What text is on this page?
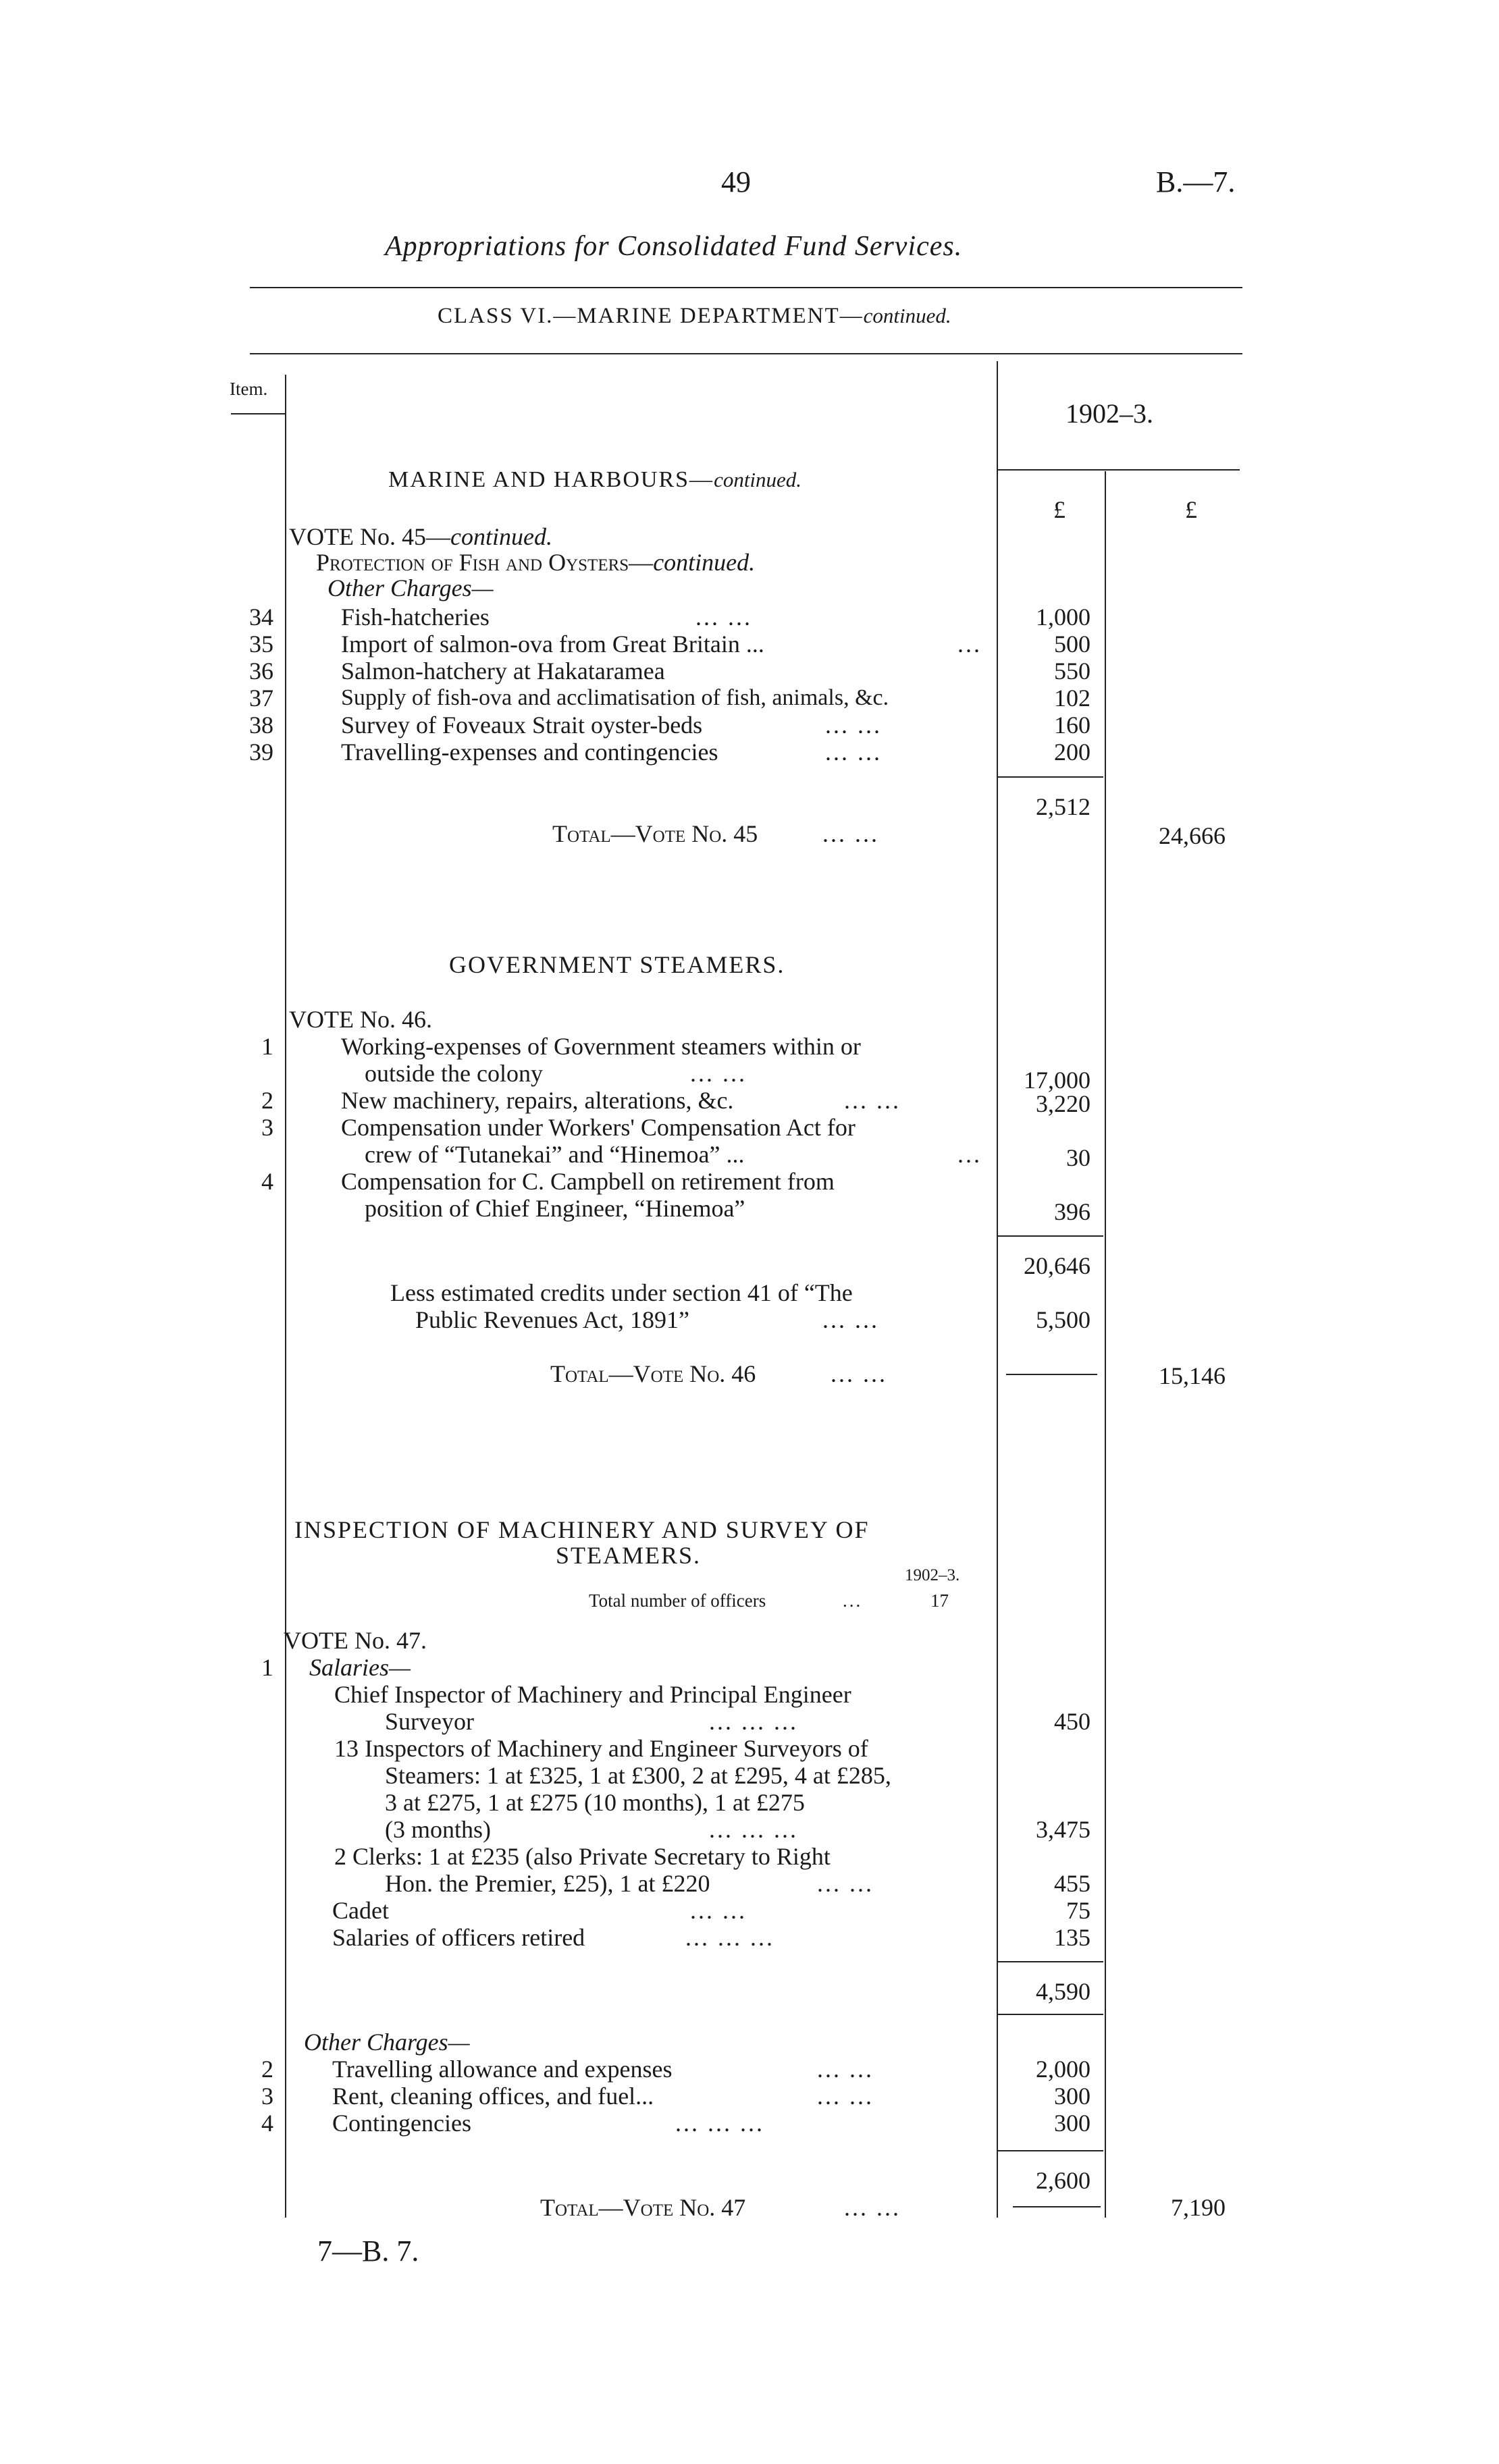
49	B.—7.
Appropriations for Consolidated Fund Services.
CLASS VI.—MARINE DEPARTMENT—continued.
Item.
1902–3.
£	£
MARINE AND HARBOURS—continued.
VOTE No. 45—continued.
Protection of Fish and Oysters—continued.
Other Charges—
34	Fish-hatcheries	... ...	1,000
35	Import of salmon-ova from Great Britain ...	...	500
36	Salmon-hatchery at Hakataramea	550
37	Supply of fish-ova and acclimatisation of fish, animals, &c.	102
38	Survey of Foveaux Strait oyster-beds	... ...	160
39	Travelling-expenses and contingencies	... ...	200
2,512
Total—Vote No. 45	... ...	24,666
GOVERNMENT STEAMERS.
VOTE No. 46.
1	Working-expenses of Government steamers within or
outside the colony	... ...	17,000
2	New machinery, repairs, alterations, &c.	... ...	3,220
3	Compensation under Workers' Compensation Act for
crew of “Tutanekai” and “Hinemoa” ...	...	30
4	Compensation for C. Campbell on retirement from
position of Chief Engineer, “Hinemoa”	396
20,646
Less estimated credits under section 41 of “The
Public Revenues Act, 1891”	... ...	5,500
Total—Vote No. 46	... ...	15,146
INSPECTION OF MACHINERY AND SURVEY OF
STEAMERS.
1902–3.
Total number of officers	...	17
VOTE No. 47.
1 Salaries—
Chief Inspector of Machinery and Principal Engineer
Surveyor	... ... ...	450
13 Inspectors of Machinery and Engineer Surveyors of
Steamers: 1 at £325, 1 at £300, 2 at £295, 4 at £285,
3 at £275, 1 at £275 (10 months), 1 at £275
(3 months)	... ... ...	3,475
2 Clerks: 1 at £235 (also Private Secretary to Right
Hon. the Premier, £25), 1 at £220	... ...	455
Cadet	... ...	75
Salaries of officers retired	... ... ...	135
4,590
Other Charges—
2 Travelling allowance and expenses	... ...	2,000
3 Rent, cleaning offices, and fuel...	... ...	300
4 Contingencies	... ... ...	300
2,600
Total—Vote No. 47	... ...	7,190
7—B. 7.
